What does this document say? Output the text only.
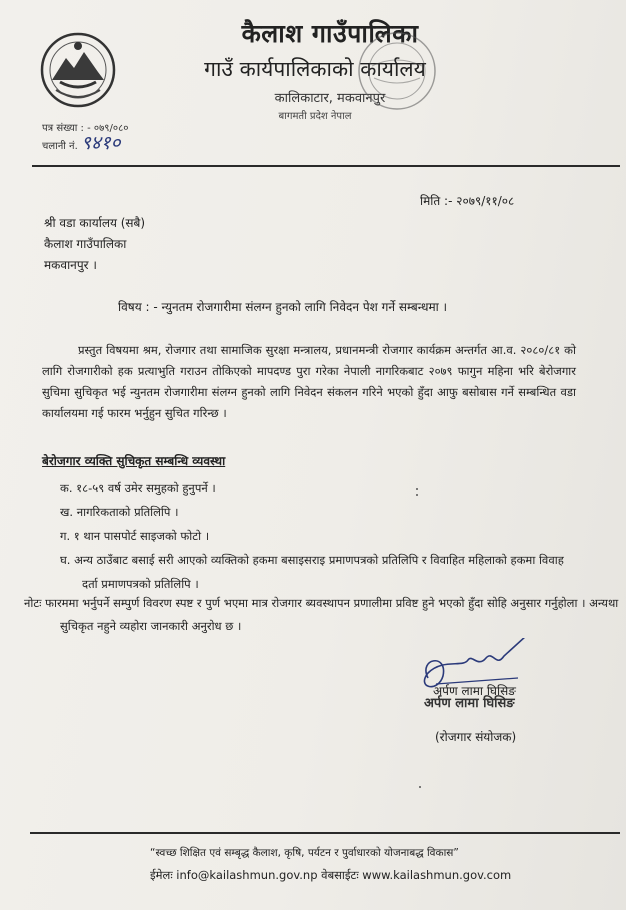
कैलाश गाउँपालिका
गाउँ कार्यपालिकाको कार्यालय
कालिकाटार, मकवानपुर
बागमती प्रदेश नेपाल
पत्र संख्या : - ०७९/०८०
चलानी नं. ९४१०
मिति :- २०७९/११/०८
श्री वडा कार्यालय (सबै)
कैलाश गाउँपालिका
मकवानपुर ।
विषय : - न्युनतम रोजगारीमा संलग्न हुनको लागि निवेदन पेश गर्ने सम्बन्धमा ।
प्रस्तुत विषयमा श्रम, रोजगार तथा सामाजिक सुरक्षा मन्त्रालय, प्रधानमन्त्री रोजगार कार्यक्रम अन्तर्गत आ.व. २०८०/८१ को लागि रोजगारीको हक प्रत्याभुति गराउन तोकिएको मापदण्ड पुरा गरेका नेपाली नागरिकबाट २०७९ फागुन महिना भरि बेरोजगार सुचिमा सुचिकृत भई न्युनतम रोजगारीमा संलग्न हुनको लागि निवेदन संकलन गरिने भएको हुँदा आफु बसोबास गर्ने सम्बन्धित वडा कार्यालयमा गई फारम भर्नुहुन सुचित गरिन्छ ।
बेरोजगार व्यक्ति सुचिकृत सम्बन्धि व्यवस्था
क. १८-५९ वर्ष उमेर समुहको हुनुपर्ने ।
ख. नागरिकताको प्रतिलिपि ।
ग. १ थान पासपोर्ट साइजको फोटो ।
घ. अन्य ठाउँबाट बसाई सरी आएको व्यक्तिको हकमा बसाइसराइ प्रमाणपत्रको प्रतिलिपि र विवाहित महिलाको हकमा विवाह दर्ता प्रमाणपत्रको प्रतिलिपि ।
नोटः फारममा भर्नुपर्ने सम्पुर्ण विवरण स्पष्ट र पुर्ण भएमा मात्र रोजगार ब्यवस्थापन प्रणालीमा प्रविष्ट हुने भएको हुँदा सोहि अनुसार गर्नुहोला । अन्यथा सुचिकृत नहुने व्यहोरा जानकारी अनुरोध छ ।
अर्पण लामा घिसिङ
अर्पण लामा घिसिङ
(रोजगार संयोजक)
“स्वच्छ शिक्षित एवं सम्बृद्ध कैलाश, कृषि, पर्यटन र पुर्वाधारको योजनाबद्ध विकास”
ईमेलः info@kailashmun.gov.np वेबसाईटः www.kailashmun.gov.com
